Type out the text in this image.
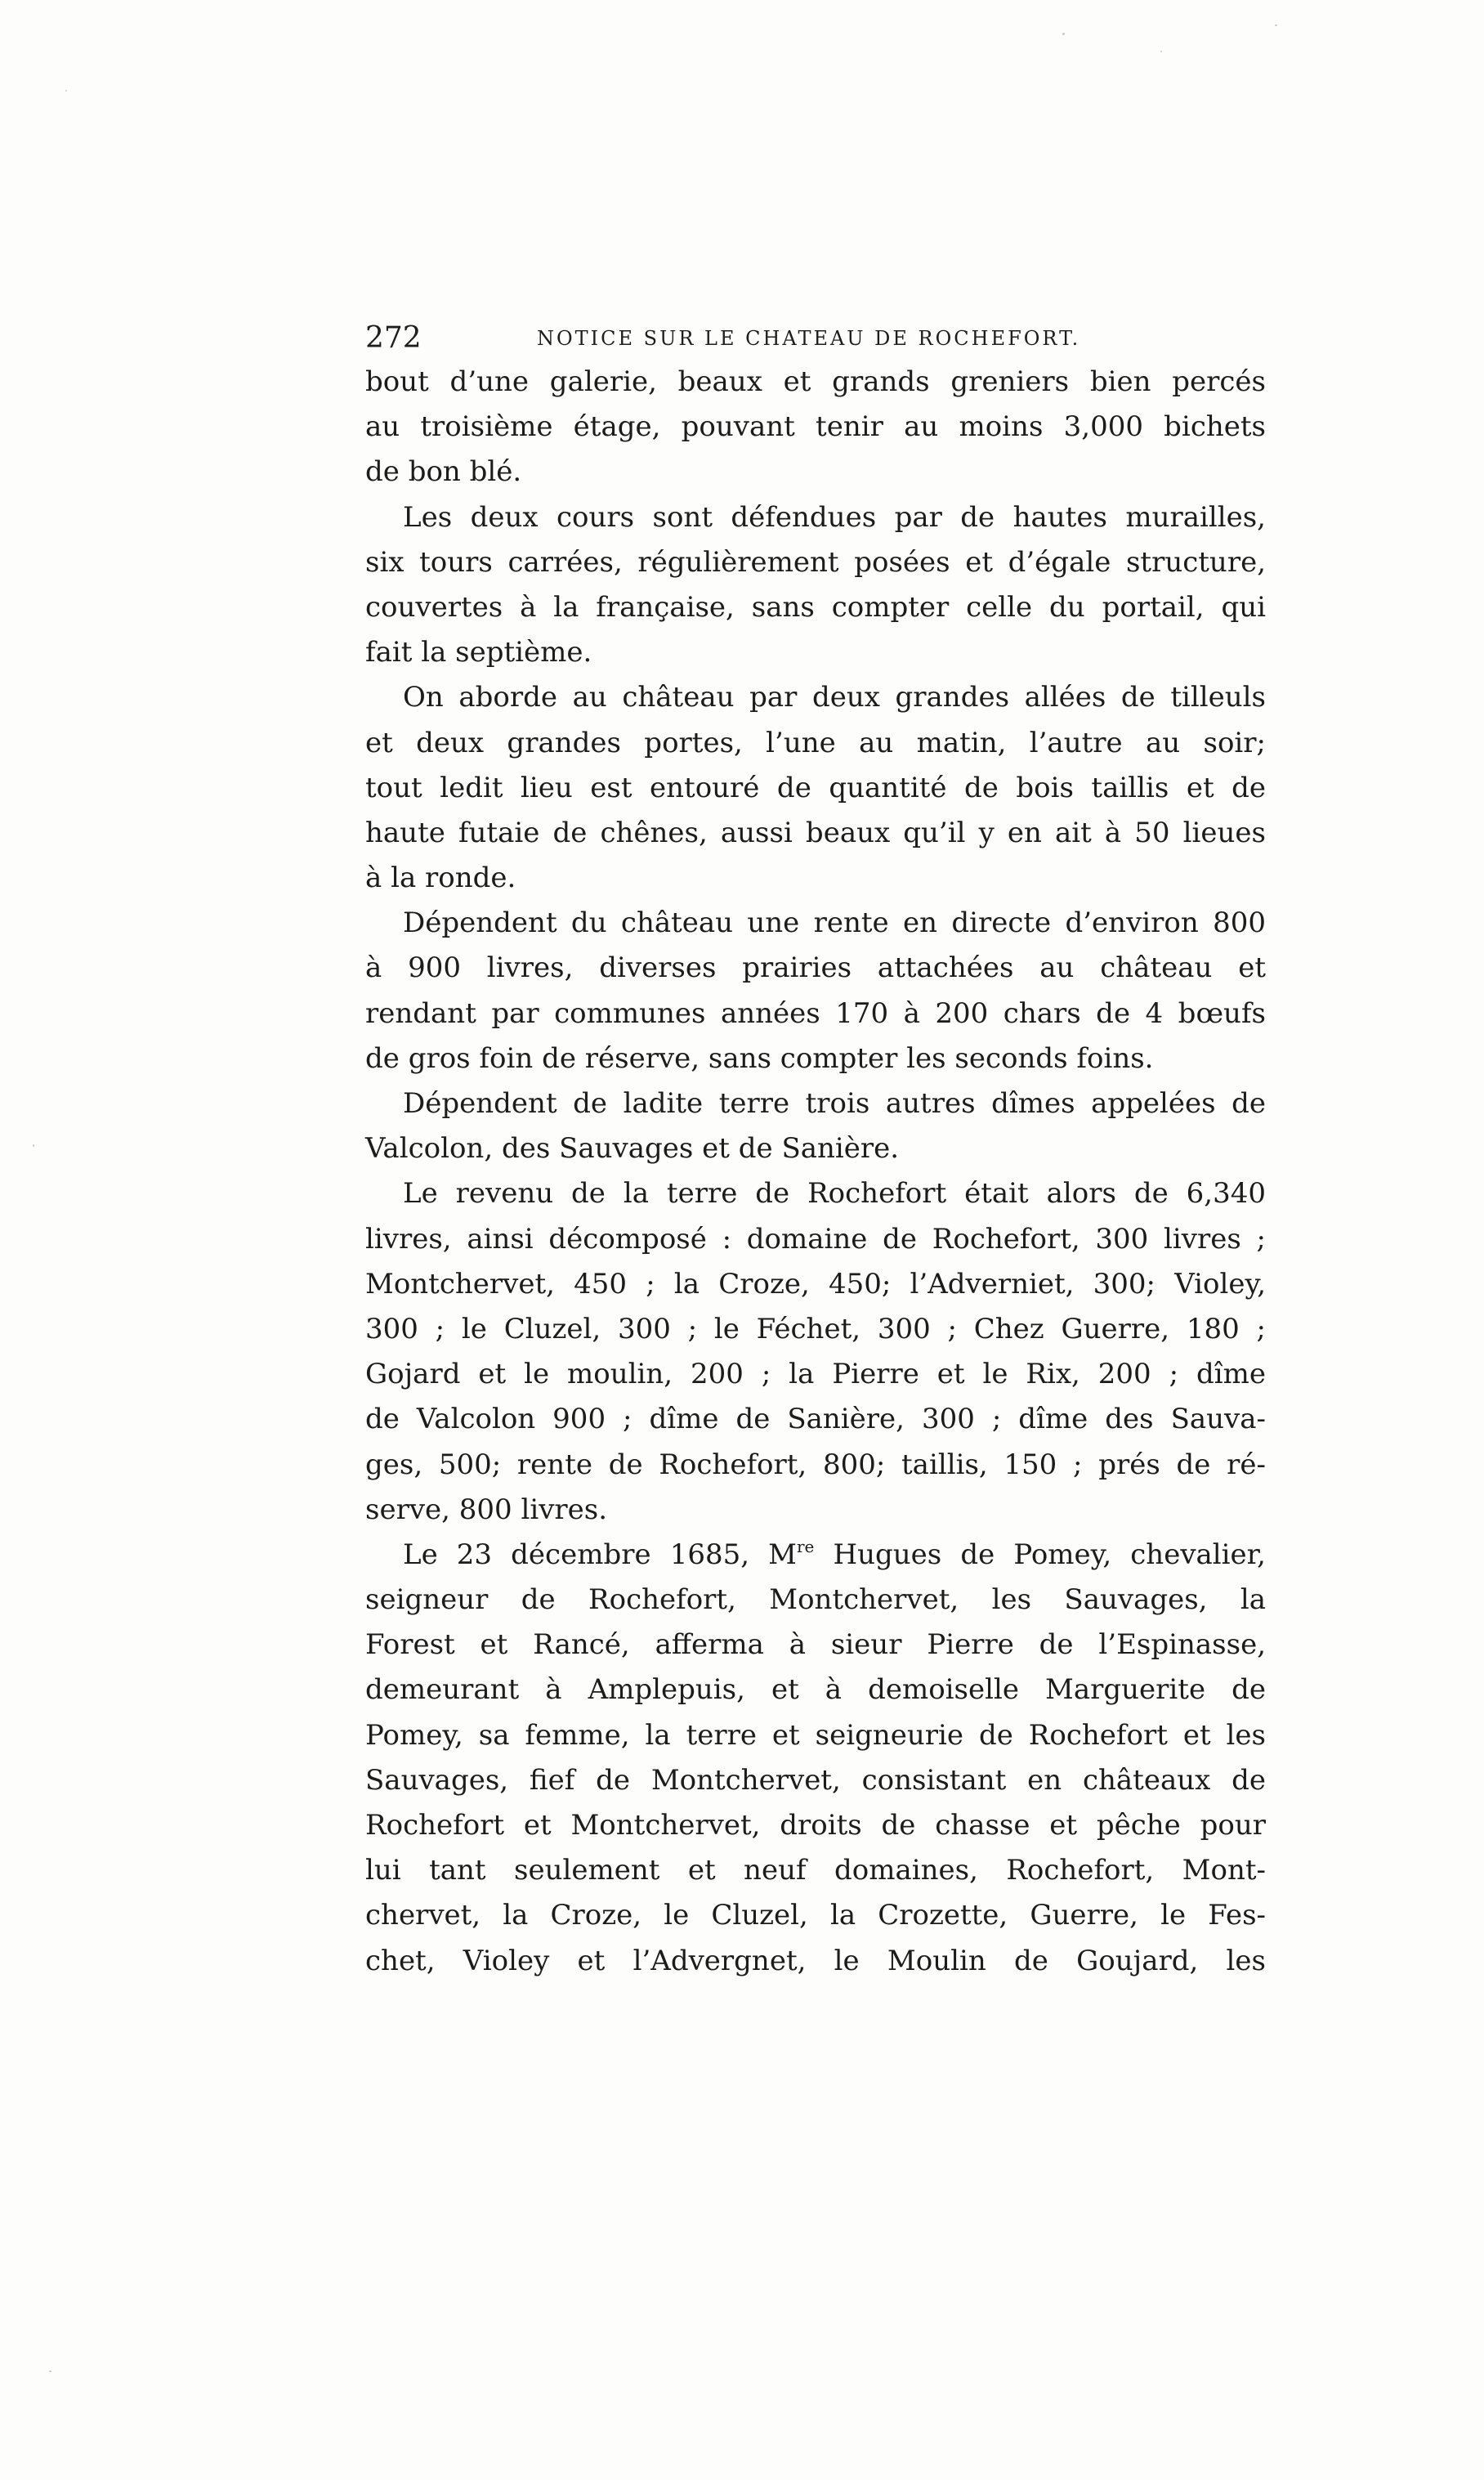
272	NOTICE SUR LE CHATEAU DE ROCHEFORT.
bout d’une galerie, beaux et grands greniers bien percés
au troisième étage, pouvant tenir au moins 3,000 bichets
de bon blé.
Les deux cours sont défendues par de hautes murailles,
six tours carrées, régulièrement posées et d’égale structure,
couvertes à la française, sans compter celle du portail, qui
fait la septième.
On aborde au château par deux grandes allées de tilleuls
et deux grandes portes, l’une au matin, l’autre au soir;
tout ledit lieu est entouré de quantité de bois taillis et de
haute futaie de chênes, aussi beaux qu’il y en ait à 50 lieues
à la ronde.
Dépendent du château une rente en directe d’environ 800
à 900 livres, diverses prairies attachées au château et
rendant par communes années 170 à 200 chars de 4 bœufs
de gros foin de réserve, sans compter les seconds foins.
Dépendent de ladite terre trois autres dîmes appelées de
Valcolon, des Sauvages et de Sanière.
Le revenu de la terre de Rochefort était alors de 6,340
livres, ainsi décomposé : domaine de Rochefort, 300 livres ;
Montchervet, 450 ; la Croze, 450; l’Adverniet, 300; Violey,
300 ; le Cluzel, 300 ; le Féchet, 300 ; Chez Guerre, 180 ;
Gojard et le moulin, 200 ; la Pierre et le Rix, 200 ; dîme
de Valcolon 900 ; dîme de Sanière, 300 ; dîme des Sauva-
ges, 500; rente de Rochefort, 800; taillis, 150 ; prés de ré-
serve, 800 livres.
Le 23 décembre 1685, Mre Hugues de Pomey, chevalier,
seigneur de Rochefort, Montchervet, les Sauvages, la
Forest et Rancé, afferma à sieur Pierre de l’Espinasse,
demeurant à Amplepuis, et à demoiselle Marguerite de
Pomey, sa femme, la terre et seigneurie de Rochefort et les
Sauvages, fief de Montchervet, consistant en châteaux de
Rochefort et Montchervet, droits de chasse et pêche pour
lui tant seulement et neuf domaines, Rochefort, Mont-
chervet, la Croze, le Cluzel, la Crozette, Guerre, le Fes-
chet, Violey et l’Advergnet, le Moulin de Goujard, les
